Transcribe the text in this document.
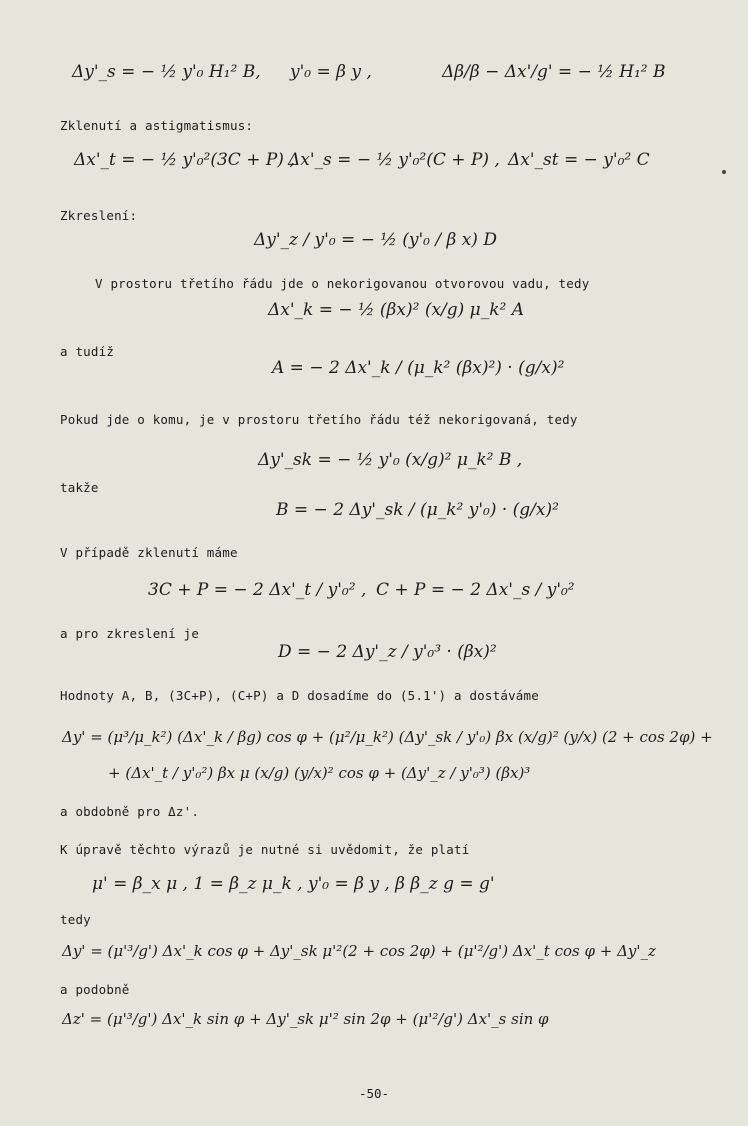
Δy'_s = − ½ y'₀ H₁² B, y'₀ = β y ,	Δβ/β − Δx'/g' = − ½ H₁² B
Zklenutí a astigmatismus:
Δx'_t = − ½ y'₀²(3C + P) ,
Δx'_s = − ½ y'₀²(C + P) , Δx'_st = − y'₀² C
Zkreslení:
Δy'_z / y'₀ = − ½ (y'₀ / β x) D
V prostoru třetího řádu jde o nekorigovanou otvorovou vadu, tedy
Δx'_k = − ½ (βx)² (x/g) μ_k² A
a tudíž
A = − 2 Δx'_k / (μ_k² (βx)²) · (g/x)²
Pokud jde o komu, je v prostoru třetího řádu též nekorigovaná, tedy
Δy'_sk = − ½ y'₀ (x/g)² μ_k² B ,
takže
B = − 2 Δy'_sk / (μ_k² y'₀) · (g/x)²
V případě zklenutí máme
3C + P = − 2 Δx'_t / y'₀² , C + P = − 2 Δx'_s / y'₀²
a pro zkreslení je
D = − 2 Δy'_z / y'₀³ · (βx)²
Hodnoty A, B, (3C+P), (C+P) a D dosadíme do (5.1') a dostáváme
Δy' = (μ³/μ_k²) (Δx'_k / βg) cos φ + (μ²/μ_k²) (Δy'_sk / y'₀) βx (x/g)² (y/x) (2 + cos 2φ) +
+ (Δx'_t / y'₀²) βx μ (x/g) (y/x)² cos φ + (Δy'_z / y'₀³) (βx)³
a obdobně pro Δz'.
K úpravě těchto výrazů je nutné si uvědomit, že platí
μ' = β_x μ , 1 = β_z μ_k , y'₀ = β y , β β_z g = g'
tedy
Δy' = (μ'³/g') Δx'_k cos φ + Δy'_sk μ'²(2 + cos 2φ) + (μ'²/g') Δx'_t cos φ + Δy'_z
a podobně
Δz' = (μ'³/g') Δx'_k sin φ + Δy'_sk μ'² sin 2φ + (μ'²/g') Δx'_s sin φ
-50-
